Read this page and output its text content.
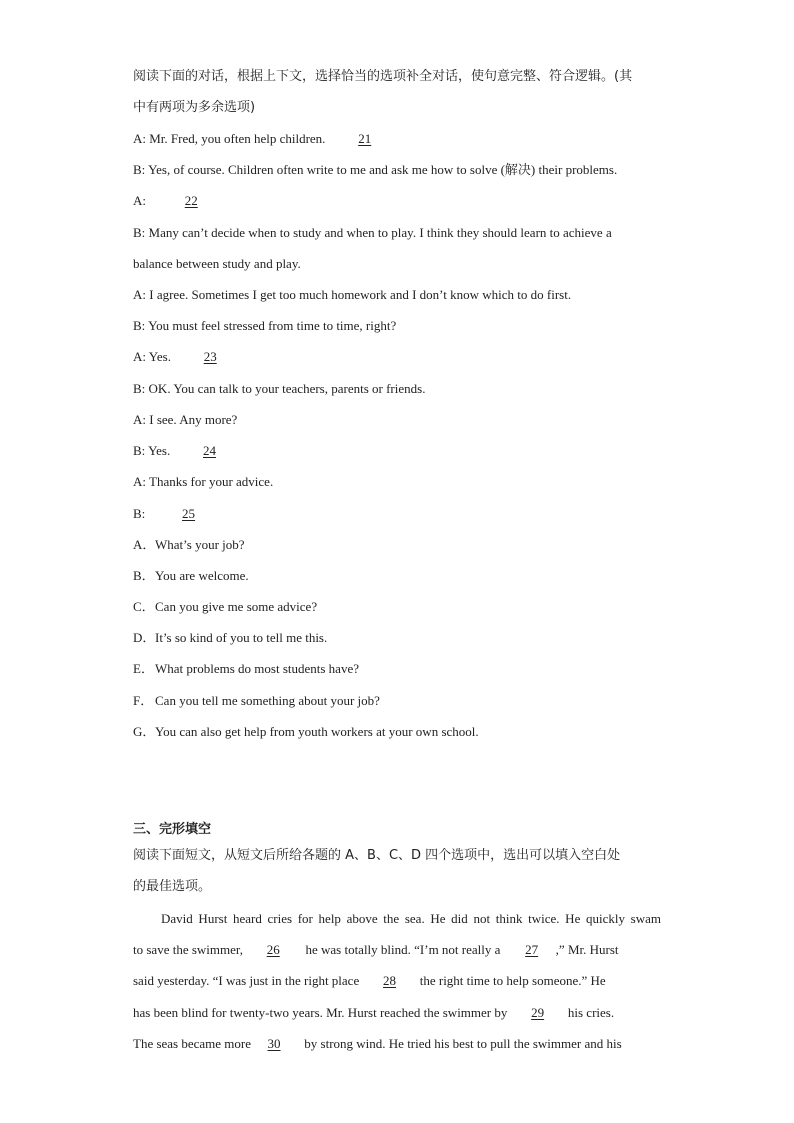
阅读下面的对话，根据上下文，选择恰当的选项补全对话，使句意完整、符合逻辑。(其
中有两项为多余选项)
A: Mr. Fred, you often help children.	21
B: Yes, of course. Children often write to me and ask me how to solve (解决) their problems.
A:	22
B: Many can’t decide when to study and when to play. I think they should learn to achieve a
balance between study and play.
A: I agree. Sometimes I get too much homework and I don’t know which to do first.
B: You must feel stressed from time to time, right?
A: Yes.	23
B: OK. You can talk to your teachers, parents or friends.
A: I see. Any more?
B: Yes.	24
A: Thanks for your advice.
B:	25
A．What’s your job?
B．You are welcome.
C．Can you give me some advice?
D．It’s so kind of you to tell me this.
E．What problems do most students have?
F． Can you tell me something about your job?
G．You can also get help from youth workers at your own school.
三、完形填空
阅读下面短文，从短文后所给各题的 A、B、C、D 四个选项中，选出可以填入空白处
的最佳选项。
David Hurst heard cries for help above the sea. He did not think twice. He quickly swam
to save the swimmer, 26 he was totally blind. “I’m not really a 27 ,” Mr. Hurst
said yesterday. “I was just in the right place 28 the right time to help someone.” He
has been blind for twenty-two years. Mr. Hurst reached the swimmer by 29 his cries.
The seas became more 30 by strong wind. He tried his best to pull the swimmer and his
